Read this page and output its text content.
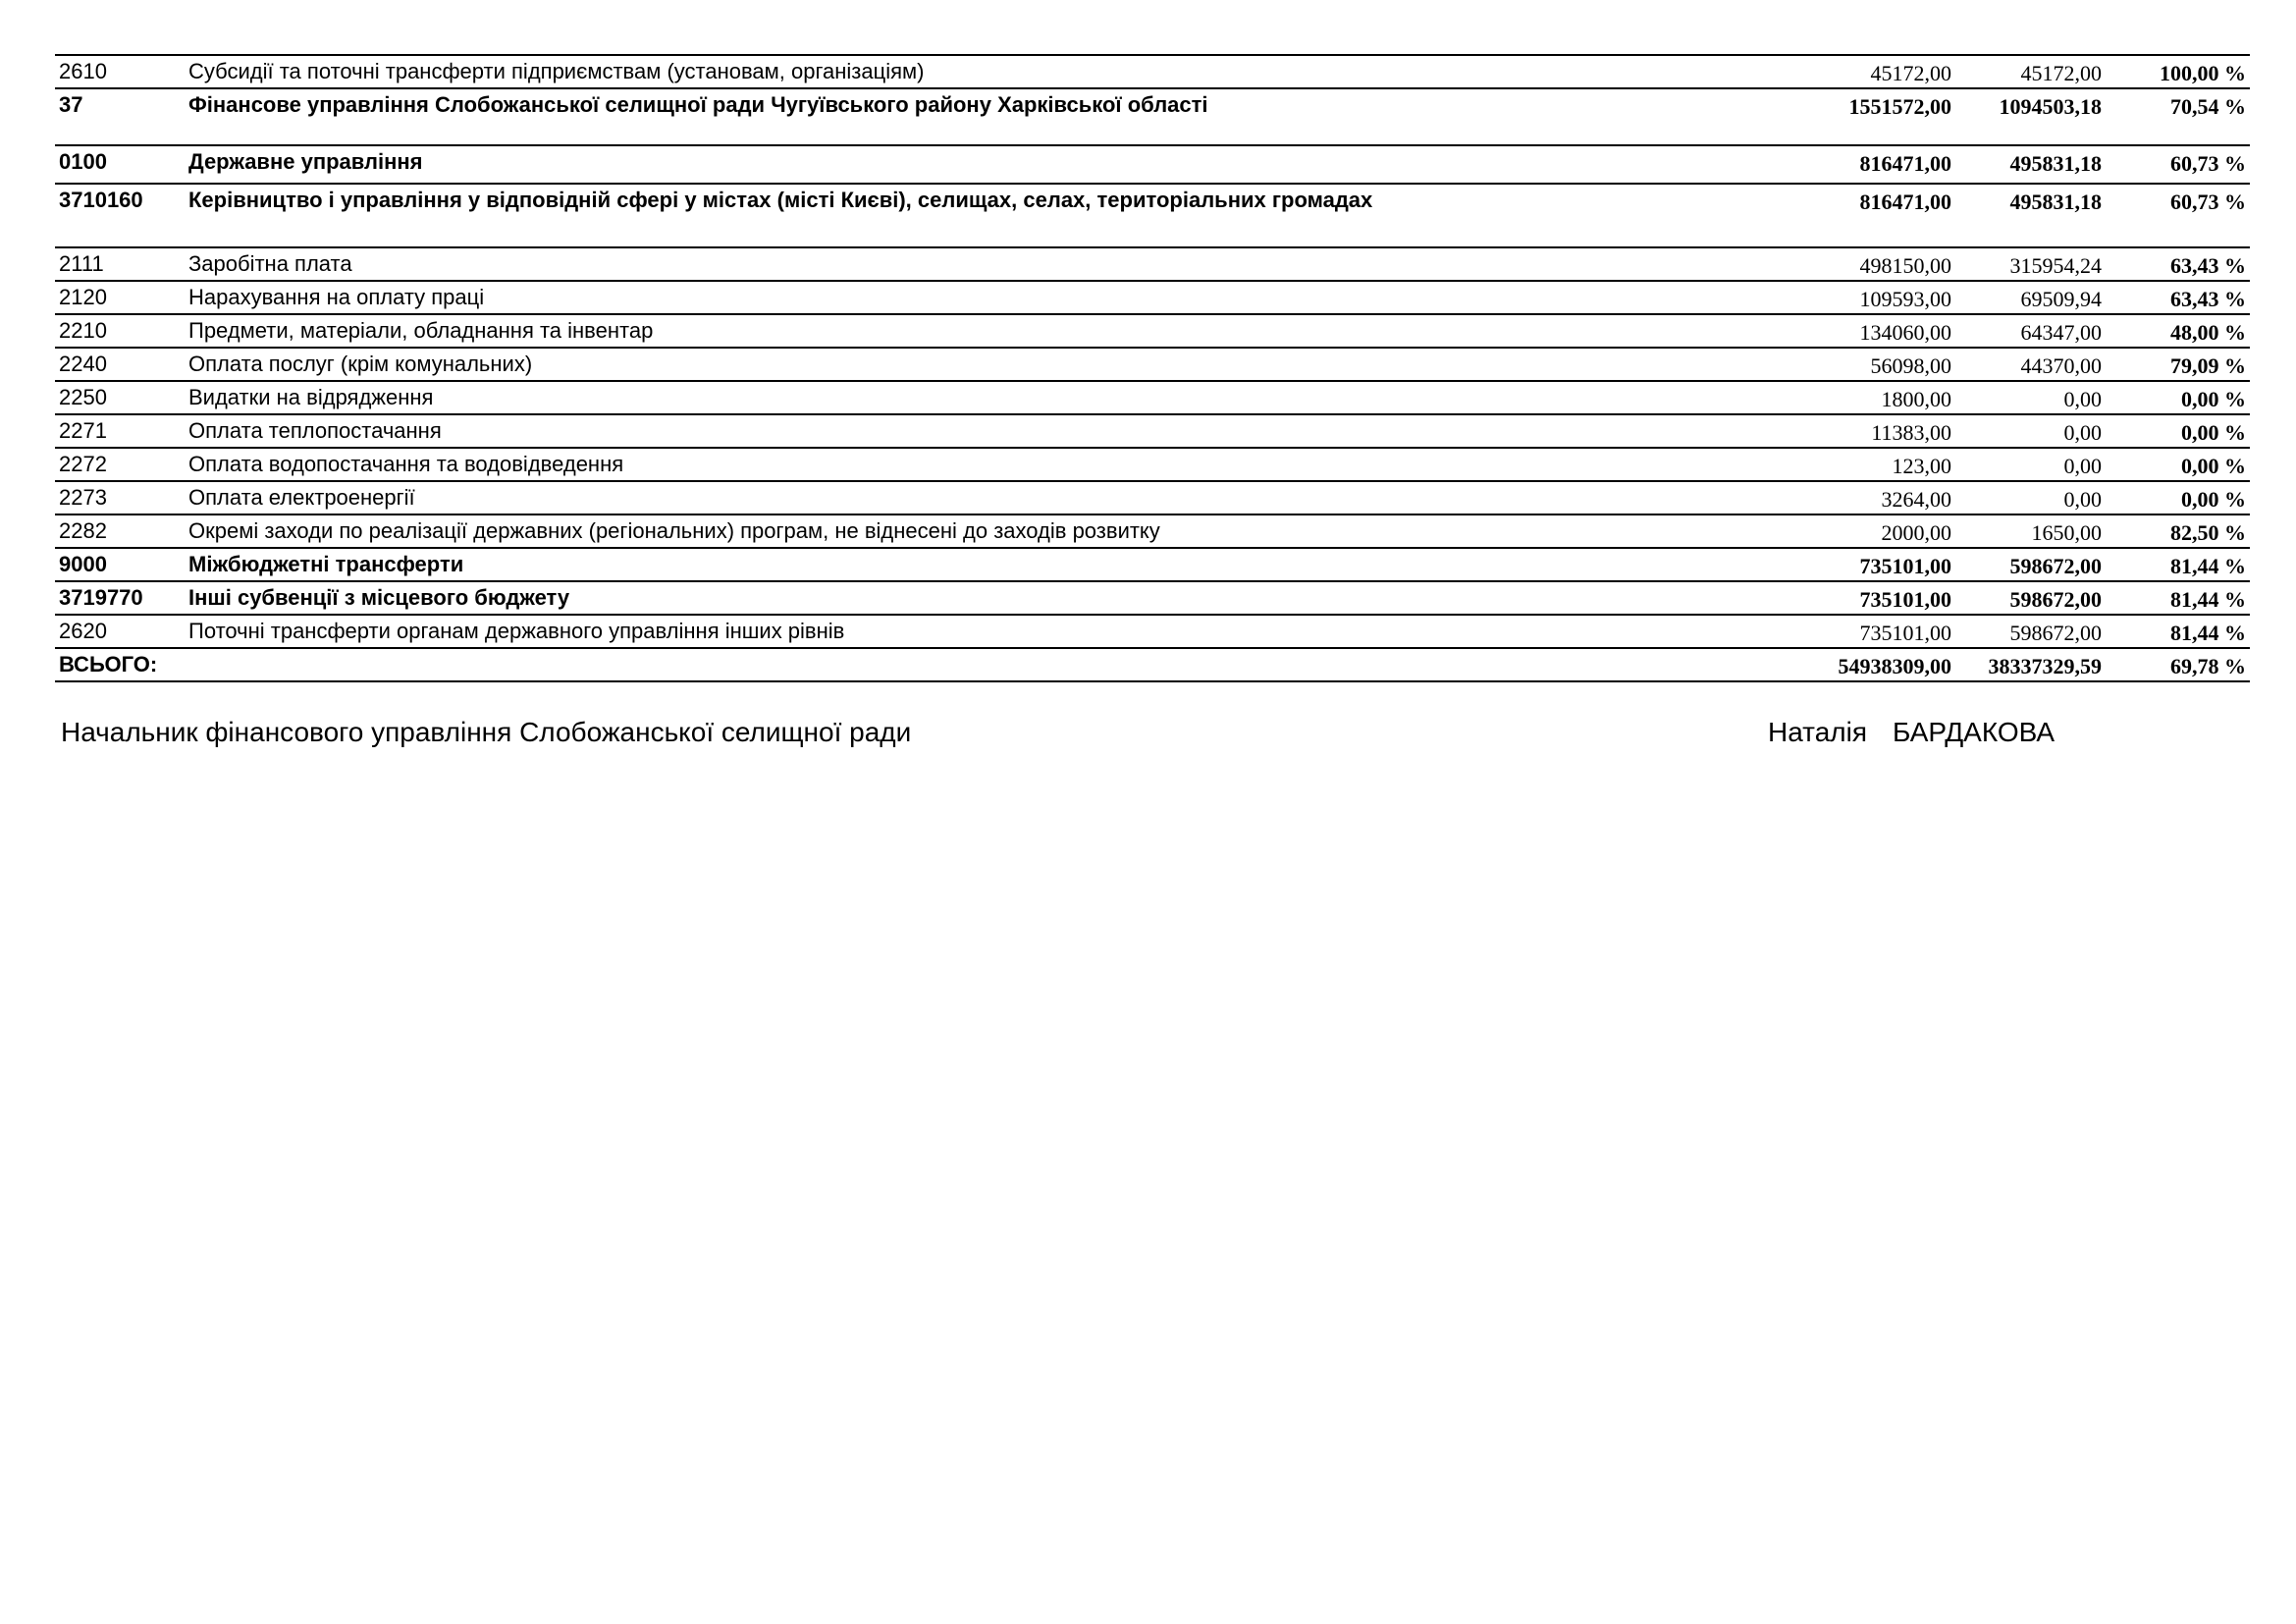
2610	Субсидії та поточні трансферти підприємствам (установам, організаціям)	45172,00	45172,00	100,00 %
37	Фінансове управління Слобожанської селищної ради Чугуївського району Харківської області	1551572,00	1094503,18	70,54 %
0100	Державне управління	816471,00	495831,18	60,73 %
3710160	Керівництво і управління у відповідній сфері у містах (місті Києві), селищах, селах, територіальних громадах	816471,00	495831,18	60,73 %
2111	Заробітна плата	498150,00	315954,24	63,43 %
2120	Нарахування на оплату праці	109593,00	69509,94	63,43 %
2210	Предмети, матеріали, обладнання та інвентар	134060,00	64347,00	48,00 %
2240	Оплата послуг (крім комунальних)	56098,00	44370,00	79,09 %
2250	Видатки на відрядження	1800,00	0,00	0,00 %
2271	Оплата теплопостачання	11383,00	0,00	0,00 %
2272	Оплата водопостачання та водовідведення	123,00	0,00	0,00 %
2273	Оплата електроенергії	3264,00	0,00	0,00 %
2282	Окремі заходи по реалізації державних (регіональних) програм, не віднесені до заходів розвитку	2000,00	1650,00	82,50 %
9000	Міжбюджетні трансферти	735101,00	598672,00	81,44 %
3719770	Інші субвенції з місцевого бюджету	735101,00	598672,00	81,44 %
2620	Поточні трансферти органам державного управління інших рівнів	735101,00	598672,00	81,44 %
ВСЬОГО:		54938309,00	38337329,59	69,78 %
Начальник фінансового управління Слобожанської селищної ради	Наталія БАРДАКОВА
